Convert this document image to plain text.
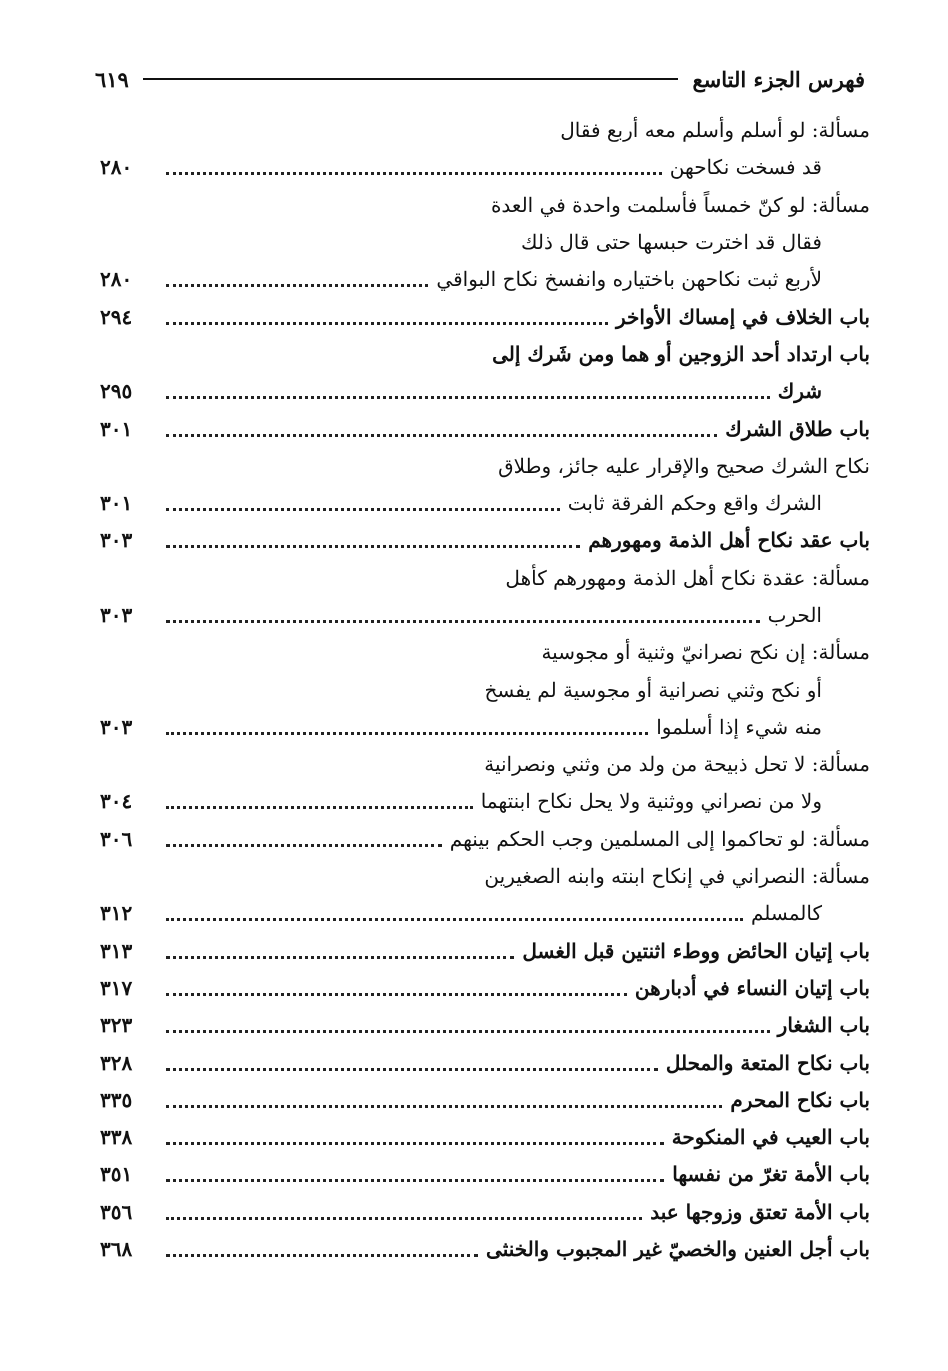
فهرس الجزء التاسع
٦١٩
مسألة: لو أسلم وأسلم معه أربع فقال
قد فسخت نكاحهن
٢٨٠
مسألة: لو كنّ خمساً فأسلمت واحدة في العدة
فقال قد اخترت حبسها حتى قال ذلك
لأربع ثبت نكاحهن باختياره وانفسخ نكاح البواقي
٢٨٠
باب الخلاف في إمساك الأواخر
٢٩٤
باب ارتداد أحد الزوجين أو هما ومن شَرك إلى
شرك
٢٩٥
باب طلاق الشرك
٣٠١
نكاح الشرك صحيح والإقرار عليه جائز، وطلاق
الشرك واقع وحكم الفرقة ثابت
٣٠١
باب عقد نكاح أهل الذمة ومهورهم
٣٠٣
مسألة: عقدة نكاح أهل الذمة ومهورهم كأهل
الحرب
٣٠٣
مسألة: إن نكح نصرانيّ وثنية أو مجوسية
أو نكح وثني نصرانية أو مجوسية لم يفسخ
منه شيء إذا أسلموا
٣٠٣
مسألة: لا تحل ذبيحة من ولد من وثني ونصرانية
ولا من نصراني ووثنية ولا يحل نكاح ابنتهما
٣٠٤
مسألة: لو تحاكموا إلى المسلمين وجب الحكم بينهم
٣٠٦
مسألة: النصراني في إنكاح ابنته وابنه الصغيرين
كالمسلم
٣١٢
باب إتيان الحائض ووطء اثنتين قبل الغسل
٣١٣
باب إتيان النساء في أدبارهن
٣١٧
باب الشغار
٣٢٣
باب نكاح المتعة والمحلل
٣٢٨
باب نكاح المحرم
٣٣٥
باب العيب في المنكوحة
٣٣٨
باب الأمة تغرّ من نفسها
٣٥١
باب الأمة تعتق وزوجها عبد
٣٥٦
باب أجل العنين والخصيّ غير المجبوب والخنثى
٣٦٨
